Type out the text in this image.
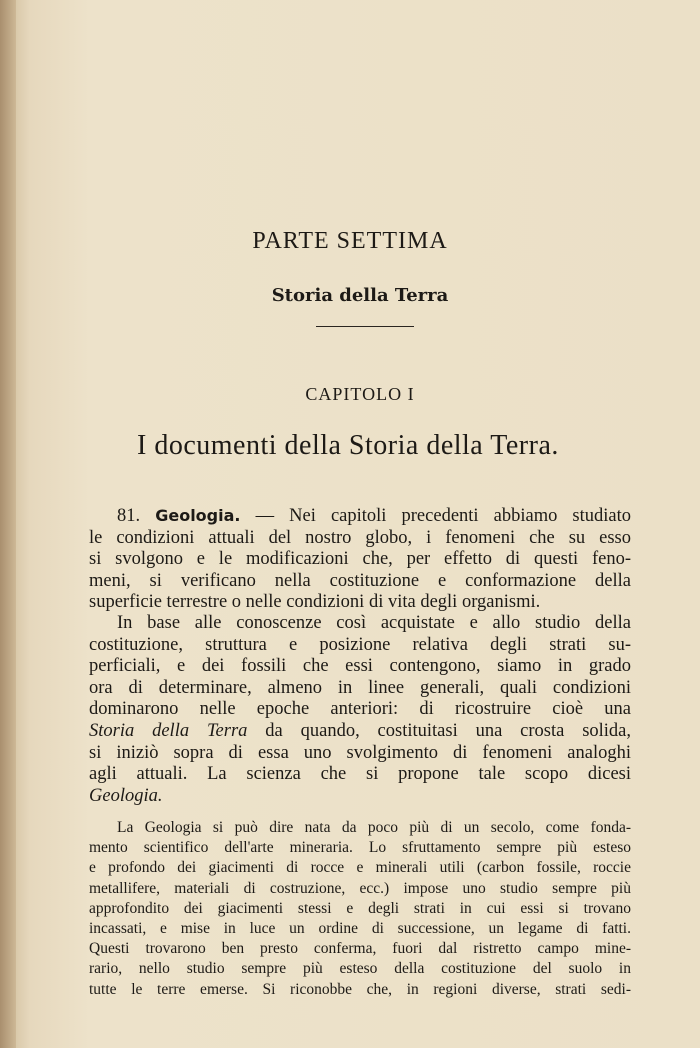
PARTE SETTIMA
Storia della Terra
CAPITOLO I
I documenti della Storia della Terra.
81. Geologia. — Nei capitoli precedenti abbiamo studiato
le condizioni attuali del nostro globo, i fenomeni che su esso
si svolgono e le modificazioni che, per effetto di questi feno-
meni, si verificano nella costituzione e conformazione della
superficie terrestre o nelle condizioni di vita degli organismi.
In base alle conoscenze così acquistate e allo studio della
costituzione, struttura e posizione relativa degli strati su-
perficiali, e dei fossili che essi contengono, siamo in grado
ora di determinare, almeno in linee generali, quali condizioni
dominarono nelle epoche anteriori: di ricostruire cioè una
Storia della Terra da quando, costituitasi una crosta solida,
si iniziò sopra di essa uno svolgimento di fenomeni analoghi
agli attuali. La scienza che si propone tale scopo dicesi
Geologia.
La Geologia si può dire nata da poco più di un secolo, come fonda-
mento scientifico dell'arte mineraria. Lo sfruttamento sempre più esteso
e profondo dei giacimenti di rocce e minerali utili (carbon fossile, roccie
metallifere, materiali di costruzione, ecc.) impose uno studio sempre più
approfondito dei giacimenti stessi e degli strati in cui essi si trovano
incassati, e mise in luce un ordine di successione, un legame di fatti.
Questi trovarono ben presto conferma, fuori dal ristretto campo mine-
rario, nello studio sempre più esteso della costituzione del suolo in
tutte le terre emerse. Si riconobbe che, in regioni diverse, strati sedi-
